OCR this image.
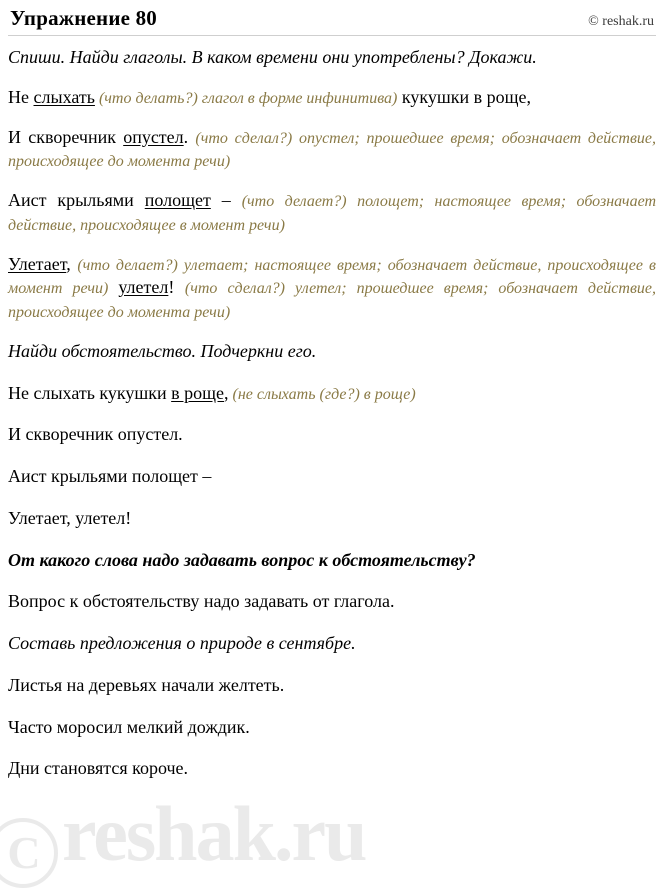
Упражнение 80	© reshak.ru

Спиши. Найди глаголы. В каком времени они употреблены? Докажи.

Не слыхать (что делать?) глагол в форме инфинитива) кукушки в роще,

И скворечник опустел. (что сделал?) опустел; прошедшее время; обозначает действие, происходящее до момента речи)

Аист крыльями полощет – (что делает?) полощет; настоящее время; обозначает действие, происходящее в момент речи)

Улетает, (что делает?) улетает; настоящее время; обозначает действие, происходящее в момент речи) улетел! (что сделал?) улетел; прошедшее время; обозначает действие, происходящее до момента речи)

Найди обстоятельство. Подчеркни его.

Не слыхать кукушки в роще, (не слыхать (где?) в роще)

И скворечник опустел.

Аист крыльями полощет –

Улетает, улетел!

От какого слова надо задавать вопрос к обстоятельству?

Вопрос к обстоятельству надо задавать от глагола.

Составь предложения о природе в сентябре.

Листья на деревьях начали желтеть.

Часто моросил мелкий дождик.

Дни становятся короче.

C reshak.ru
